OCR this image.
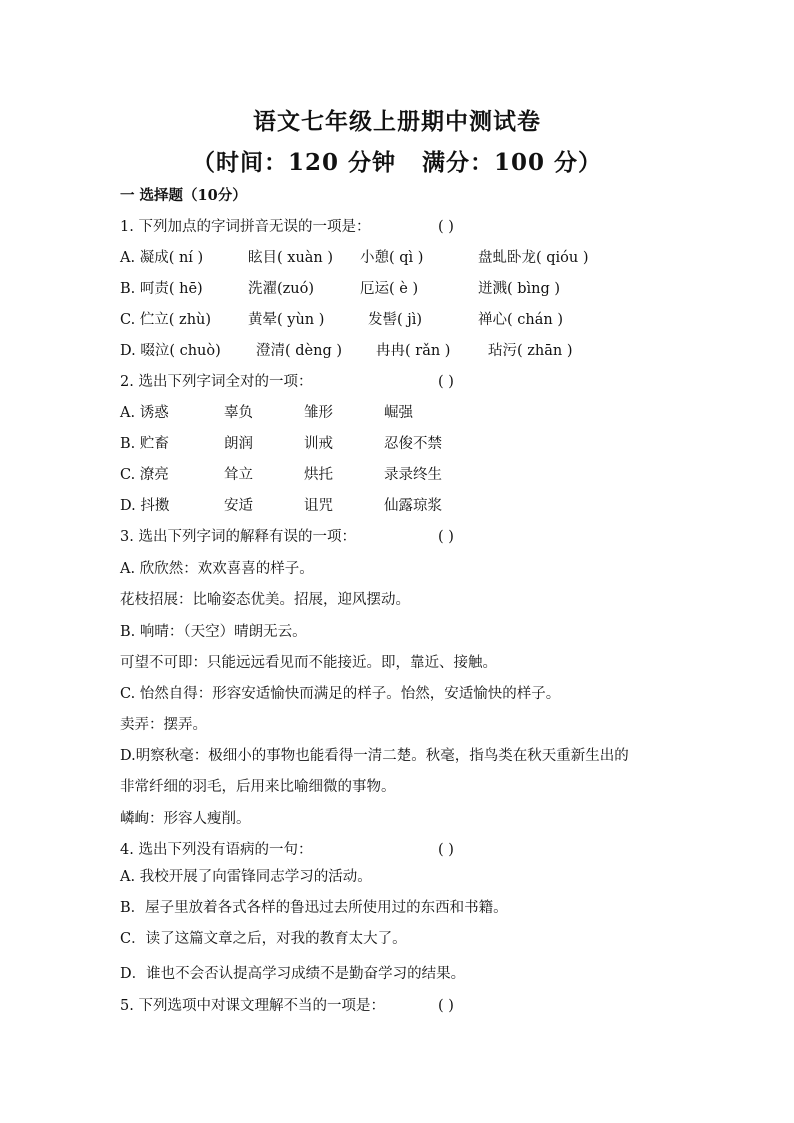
语文七年级上册期中测试卷
（时间：120 分钟 满分：100 分）
一 选择题（10分）
1. 下列加点的字词拼音无误的一项是：	( )
A. 凝成( ní )	眩目( xuàn ) 小憩( qì )	盘虬卧龙( qióu )
B. 呵责( hē)	洗濯(zuó)	厄运( è )	迸溅( bìng )
C. 伫立( zhù)	黄晕( yùn )	发髻( jì)	禅心( chán )
D. 啜泣( chuò) 澄清( dèng ) 冉冉( rǎn )	玷污( zhān )
2. 选出下列字词全对的一项：	( )
A. 诱惑	辜负	雏形	崛强
B. 贮畜	朗润	训戒	忍俊不禁
C. 潦亮	耸立	烘托	录录终生
D. 抖擞	安适	诅咒	仙露琼浆
3. 选出下列字词的解释有误的一项：	( )
A. 欣欣然：欢欢喜喜的样子。
花枝招展：比喻姿态优美。招展，迎风摆动。
B. 响晴：（天空）晴朗无云。
可望不可即：只能远远看见而不能接近。即，靠近、接触。
C. 怡然自得：形容安适愉快而满足的样子。怡然，安适愉快的样子。
卖弄：摆弄。
D.明察秋毫：极细小的事物也能看得一清二楚。秋毫，指鸟类在秋天重新生出的
非常纤细的羽毛，后用来比喻细微的事物。
嶙峋：形容人瘦削。
4. 选出下列没有语病的一句：	( )
A. 我校开展了向雷锋同志学习的活动。
B．屋子里放着各式各样的鲁迅过去所使用过的东西和书籍。
C．读了这篇文章之后，对我的教育太大了。
D．谁也不会否认提高学习成绩不是勤奋学习的结果。
5. 下列选项中对课文理解不当的一项是：	( )
